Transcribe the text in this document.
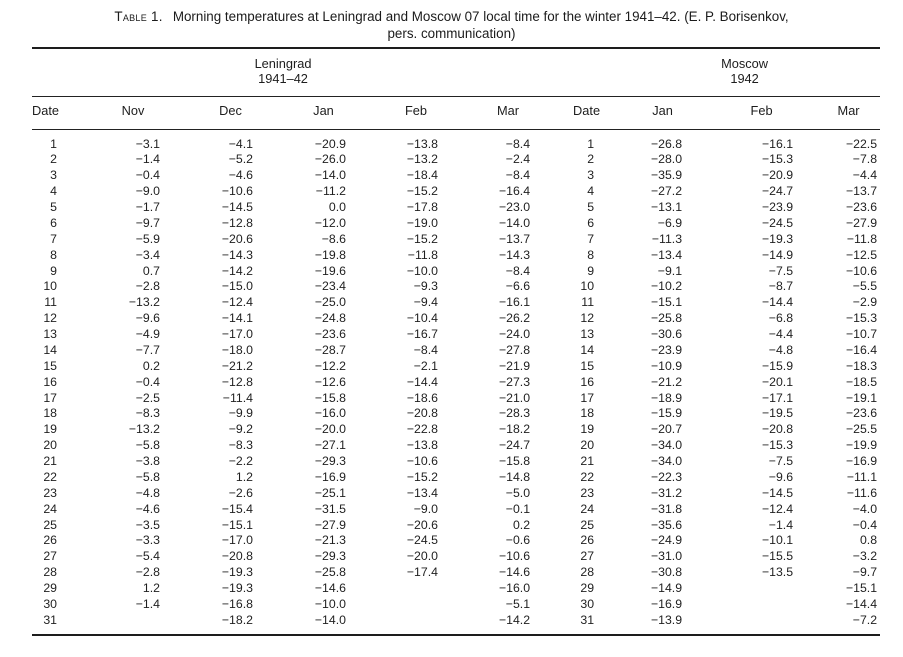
Table 1. Morning temperatures at Leningrad and Moscow 07 local time for the winter 1941–42. (E. P. Borisenkov, pers. communication)
Leningrad
1941–42

Moscow
1942

Date	Nov	Dec	Jan	Feb	Mar	Date	Jan	Feb	Mar
1	−3.1	−4.1	−20.9	−13.8	−8.4	1	−26.8	−16.1	−22.5
2	−1.4	−5.2	−26.0	−13.2	−2.4	2	−28.0	−15.3	−7.8
3	−0.4	−4.6	−14.0	−18.4	−8.4	3	−35.9	−20.9	−4.4
4	−9.0	−10.6	−11.2	−15.2	−16.4	4	−27.2	−24.7	−13.7
5	−1.7	−14.5	0.0	−17.8	−23.0	5	−13.1	−23.9	−23.6
6	−9.7	−12.8	−12.0	−19.0	−14.0	6	−6.9	−24.5	−27.9
7	−5.9	−20.6	−8.6	−15.2	−13.7	7	−11.3	−19.3	−11.8
8	−3.4	−14.3	−19.8	−11.8	−14.3	8	−13.4	−14.9	−12.5
9	0.7	−14.2	−19.6	−10.0	−8.4	9	−9.1	−7.5	−10.6
10	−2.8	−15.0	−23.4	−9.3	−6.6	10	−10.2	−8.7	−5.5
11	−13.2	−12.4	−25.0	−9.4	−16.1	11	−15.1	−14.4	−2.9
12	−9.6	−14.1	−24.8	−10.4	−26.2	12	−25.8	−6.8	−15.3
13	−4.9	−17.0	−23.6	−16.7	−24.0	13	−30.6	−4.4	−10.7
14	−7.7	−18.0	−28.7	−8.4	−27.8	14	−23.9	−4.8	−16.4
15	0.2	−21.2	−12.2	−2.1	−21.9	15	−10.9	−15.9	−18.3
16	−0.4	−12.8	−12.6	−14.4	−27.3	16	−21.2	−20.1	−18.5
17	−2.5	−11.4	−15.8	−18.6	−21.0	17	−18.9	−17.1	−19.1
18	−8.3	−9.9	−16.0	−20.8	−28.3	18	−15.9	−19.5	−23.6
19	−13.2	−9.2	−20.0	−22.8	−18.2	19	−20.7	−20.8	−25.5
20	−5.8	−8.3	−27.1	−13.8	−24.7	20	−34.0	−15.3	−19.9
21	−3.8	−2.2	−29.3	−10.6	−15.8	21	−34.0	−7.5	−16.9
22	−5.8	1.2	−16.9	−15.2	−14.8	22	−22.3	−9.6	−11.1
23	−4.8	−2.6	−25.1	−13.4	−5.0	23	−31.2	−14.5	−11.6
24	−4.6	−15.4	−31.5	−9.0	−0.1	24	−31.8	−12.4	−4.0
25	−3.5	−15.1	−27.9	−20.6	0.2	25	−35.6	−1.4	−0.4
26	−3.3	−17.0	−21.3	−24.5	−0.6	26	−24.9	−10.1	0.8
27	−5.4	−20.8	−29.3	−20.0	−10.6	27	−31.0	−15.5	−3.2
28	−2.8	−19.3	−25.8	−17.4	−14.6	28	−30.8	−13.5	−9.7
29	1.2	−19.3	−14.6		−16.0	29	−14.9		−15.1
30	−1.4	−16.8	−10.0		−5.1	30	−16.9		−14.4
31		−18.2	−14.0		−14.2	31	−13.9		−7.2
